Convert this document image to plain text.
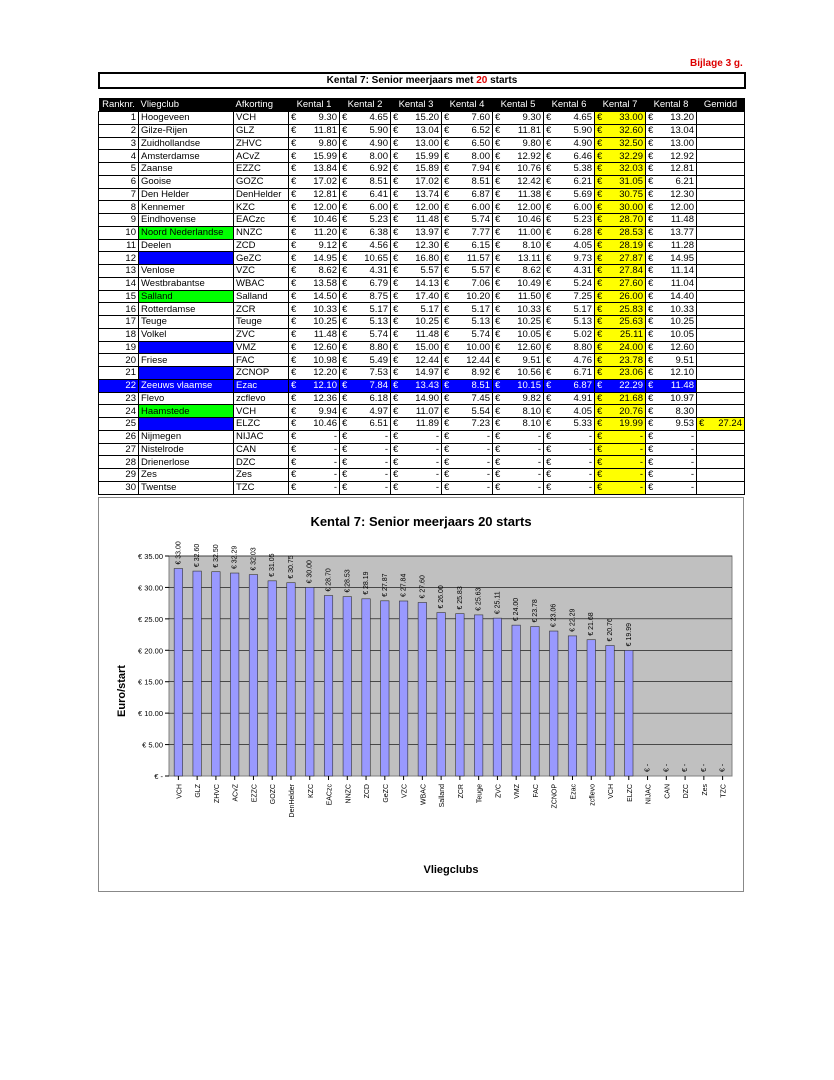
Bijlage 3 g.
Kental 7: Senior meerjaars met 20 starts
Ranknr.	Vliegclub	Afkorting	Kental 1	Kental 2	Kental 3	Kental 4	Kental 5	Kental 6	Kental 7	Kental 8	Gemidd
1	Hoogeveen	VCH	€ 9.30	€ 4.65	€ 15.20	€ 7.60	€ 9.30	€ 4.65	€ 33.00	€ 13.20	

2	Gilze-Rijen	GLZ	€ 11.81	€ 5.90	€ 13.04	€ 6.52	€ 11.81	€ 5.90	€ 32.60	€ 13.04	

3	Zuidhollandse	ZHVC	€ 9.80	€ 4.90	€ 13.00	€ 6.50	€ 9.80	€ 4.90	€ 32.50	€ 13.00	

4	Amsterdamse	ACvZ	€ 15.99	€ 8.00	€ 15.99	€ 8.00	€ 12.92	€ 6.46	€ 32.29	€ 12.92	

5	Zaanse	EZZC	€ 13.84	€ 6.92	€ 15.89	€ 7.94	€ 10.76	€ 5.38	€ 32.03	€ 12.81	

6	Gooise	GOZC	€ 17.02	€ 8.51	€ 17.02	€ 8.51	€ 12.42	€ 6.21	€ 31.05	€ 6.21	

7	Den Helder	DenHelder	€ 12.81	€ 6.41	€ 13.74	€ 6.87	€ 11.38	€ 5.69	€ 30.75	€ 12.30	

8	Kennemer	KZC	€ 12.00	€ 6.00	€ 12.00	€ 6.00	€ 12.00	€ 6.00	€ 30.00	€ 12.00	

9	Eindhovense	EACzc	€ 10.46	€ 5.23	€ 11.48	€ 5.74	€ 10.46	€ 5.23	€ 28.70	€ 11.48	

10	Noord Nederlandse	NNZC	€ 11.20	€ 6.38	€ 13.97	€ 7.77	€ 11.00	€ 6.28	€ 28.53	€ 13.77	

11	Deelen	ZCD	€ 9.12	€ 4.56	€ 12.30	€ 6.15	€ 8.10	€ 4.05	€ 28.19	€ 11.28	

12	Gelderse	GeZC	€ 14.95	€ 10.65	€ 16.80	€ 11.57	€ 13.11	€ 9.73	€ 27.87	€ 14.95	

13	Venlose	VZC	€ 8.62	€ 4.31	€ 5.57	€ 5.57	€ 8.62	€ 4.31	€ 27.84	€ 11.14	

14	Westbrabantse	WBAC	€ 13.58	€ 6.79	€ 14.13	€ 7.06	€ 10.49	€ 5.24	€ 27.60	€ 11.04	

15	Salland	Salland	€ 14.50	€ 8.75	€ 17.40	€ 10.20	€ 11.50	€ 7.25	€ 26.00	€ 14.40	

16	Rotterdamse	ZCR	€ 10.33	€ 5.17	€ 5.17	€ 5.17	€ 10.33	€ 5.17	€ 25.83	€ 10.33	

17	Teuge	Teuge	€ 10.25	€ 5.13	€ 10.25	€ 5.13	€ 10.25	€ 5.13	€ 25.63	€ 10.25	

18	Volkel	ZVC	€ 11.48	€ 5.74	€ 11.48	€ 5.74	€ 10.05	€ 5.02	€ 25.11	€ 10.05	

19	Midden Zeeland	VMZ	€ 12.60	€ 8.80	€ 15.00	€ 10.00	€ 12.60	€ 8.80	€ 24.00	€ 12.60	

20	Friese	FAC	€ 10.98	€ 5.49	€ 12.44	€ 12.44	€ 9.51	€ 4.76	€ 23.78	€ 9.51	

21	Noordoost Polder	ZCNOP	€ 12.20	€ 7.53	€ 14.97	€ 8.92	€ 10.56	€ 6.71	€ 23.06	€ 12.10	

22	Zeeuws vlaamse	Ezac	€ 12.10	€ 7.84	€ 13.43	€ 8.51	€ 10.15	€ 6.87	€ 22.29	€ 11.48	

23	Flevo	zcflevo	€ 12.36	€ 6.18	€ 14.90	€ 7.45	€ 9.82	€ 4.91	€ 21.68	€ 10.97	

24	Haamstede	VCH	€ 9.94	€ 4.97	€ 11.07	€ 5.54	€ 8.10	€ 4.05	€ 20.76	€ 8.30	

25	Zuid Limburgse	ELZC	€ 10.46	€ 6.51	€ 11.89	€ 7.23	€ 8.10	€ 5.33	€ 19.99	€ 9.53	€ 27.24

26	Nijmegen	NIJAC	€ -	€ -	€ -	€ -	€ -	€ -	€ -	€ -	

27	Nistelrode	CAN	€ -	€ -	€ -	€ -	€ -	€ -	€ -	€ -	

28	Drienerlose	DZC	€ -	€ -	€ -	€ -	€ -	€ -	€ -	€ -	

29	Zes	Zes	€ -	€ -	€ -	€ -	€ -	€ -	€ -	€ -	

30	Twentse	TZC	€ -	€ -	€ -	€ -	€ -	€ -	€ -	€ -	

Kental 7: Senior meerjaars 20 starts
€ -
€ 5.00
€ 10.00
€ 15.00
€ 20.00
€ 25.00
€ 30.00
€ 35.00
Euro/start
€ 33.00
VCH
€ 32.60
GLZ
€ 32.50
ZHVC
€ 32.29
ACvZ
€ 32.03
EZZC
€ 31.05
GOZC
€ 30.75
DenHelder
€ 30.00
KZC
€ 28.70
EACzc
€ 28.53
NNZC
€ 28.19
ZCD
€ 27.87
GeZC
€ 27.84
VZC
€ 27.60
WBAC
€ 26.00
Salland
€ 25.83
ZCR
€ 25.63
Teuge
€ 25.11
ZVC
€ 24.00
VMZ
€ 23.78
FAC
€ 23.06
ZCNOP
€ 22.29
Ezac
€ 21.68
zcflevo
€ 20.76
VCH
€ 19.99
ELZC
€ -
NIJAC
€ -
CAN
€ -
DZC
€ -
Zes
€ -
TZC
Vliegclubs
